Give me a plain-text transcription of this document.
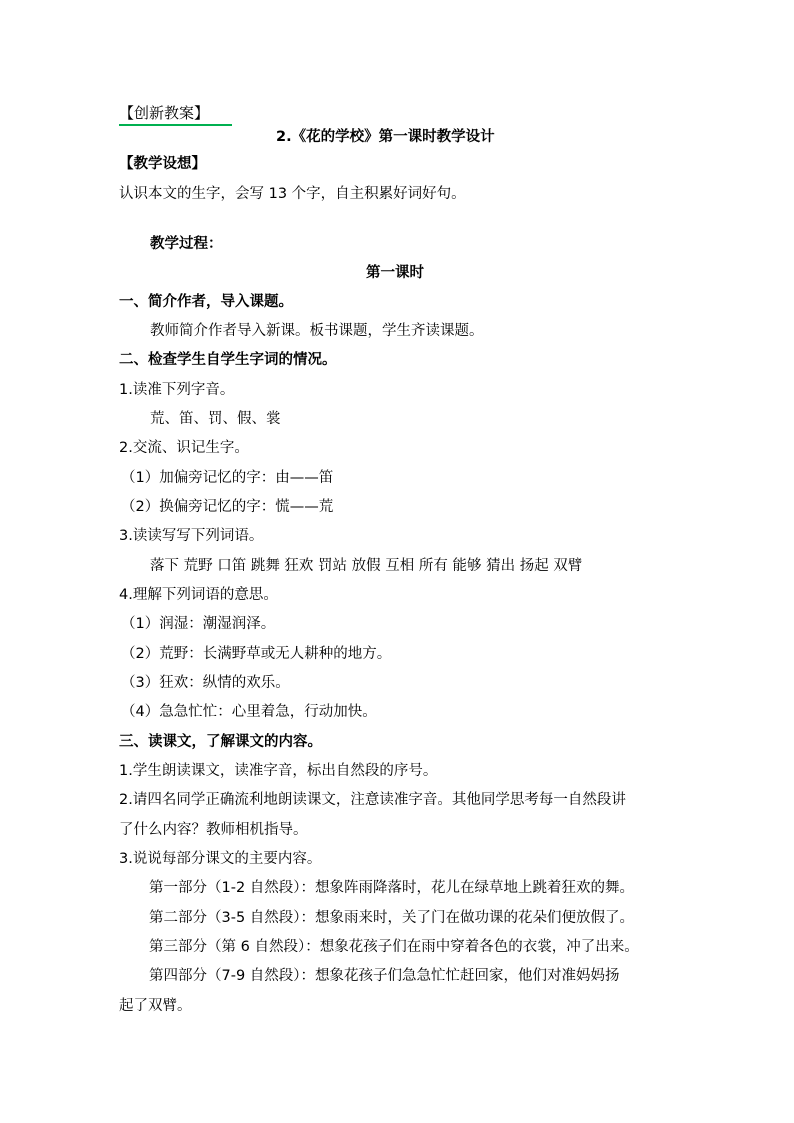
【创新教案】
2.《花的学校》第一课时教学设计
【教学设想】
认识本文的生字，会写 13 个字，自主积累好词好句。
教学过程：
第一课时
一、简介作者，导入课题。
教师简介作者导入新课。板书课题，学生齐读课题。
二、检查学生自学生字词的情况。
1.读准下列字音。
荒、笛、罚、假、裳
2.交流、识记生字。
（1）加偏旁记忆的字：由——笛
（2）换偏旁记忆的字：慌——荒
3.读读写写下列词语。
落下 荒野 口笛 跳舞 狂欢 罚站 放假 互相 所有 能够 猜出 扬起 双臂
4.理解下列词语的意思。
（1）润湿：潮湿润泽。
（2）荒野：长满野草或无人耕种的地方。
（3）狂欢：纵情的欢乐。
（4）急急忙忙：心里着急，行动加快。
三、读课文，了解课文的内容。
1.学生朗读课文，读准字音，标出自然段的序号。
2.请四名同学正确流利地朗读课文，注意读准字音。其他同学思考每一自然段讲
了什么内容？教师相机指导。
3.说说每部分课文的主要内容。
第一部分（1-2 自然段）：想象阵雨降落时，花儿在绿草地上跳着狂欢的舞。
第二部分（3-5 自然段）：想象雨来时，关了门在做功课的花朵们便放假了。
第三部分（第 6 自然段）：想象花孩子们在雨中穿着各色的衣裳，冲了出来。
第四部分（7-9 自然段）：想象花孩子们急急忙忙赶回家，他们对准妈妈扬
起了双臂。
